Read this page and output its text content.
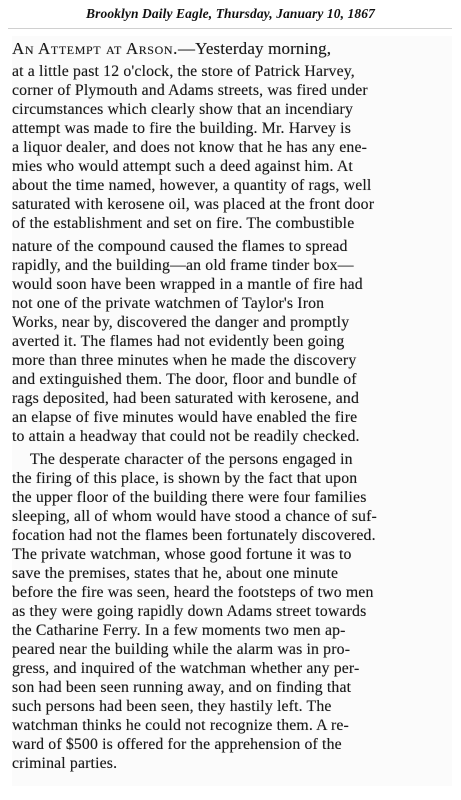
Brooklyn Daily Eagle, Thursday, January 10, 1867
An Attempt at Arson.—Yesterday morning,
at a little past 12 o'clock, the store of Patrick Harvey,
corner of Plymouth and Adams streets, was fired under
circumstances which clearly show that an incendiary
attempt was made to fire the building. Mr. Harvey is
a liquor dealer, and does not know that he has any ene-
mies who would attempt such a deed against him. At
about the time named, however, a quantity of rags, well
saturated with kerosene oil, was placed at the front door
of the establishment and set on fire. The combustible
nature of the compound caused the flames to spread
rapidly, and the building—an old frame tinder box—
would soon have been wrapped in a mantle of fire had
not one of the private watchmen of Taylor's Iron
Works, near by, discovered the danger and promptly
averted it. The flames had not evidently been going
more than three minutes when he made the discovery
and extinguished them. The door, floor and bundle of
rags deposited, had been saturated with kerosene, and
an elapse of five minutes would have enabled the fire
to attain a headway that could not be readily checked.
The desperate character of the persons engaged in
the firing of this place, is shown by the fact that upon
the upper floor of the building there were four families
sleeping, all of whom would have stood a chance of suf-
focation had not the flames been fortunately discovered.
The private watchman, whose good fortune it was to
save the premises, states that he, about one minute
before the fire was seen, heard the footsteps of two men
as they were going rapidly down Adams street towards
the Catharine Ferry. In a few moments two men ap-
peared near the building while the alarm was in pro-
gress, and inquired of the watchman whether any per-
son had been seen running away, and on finding that
such persons had been seen, they hastily left. The
watchman thinks he could not recognize them. A re-
ward of $500 is offered for the apprehension of the
criminal parties.
